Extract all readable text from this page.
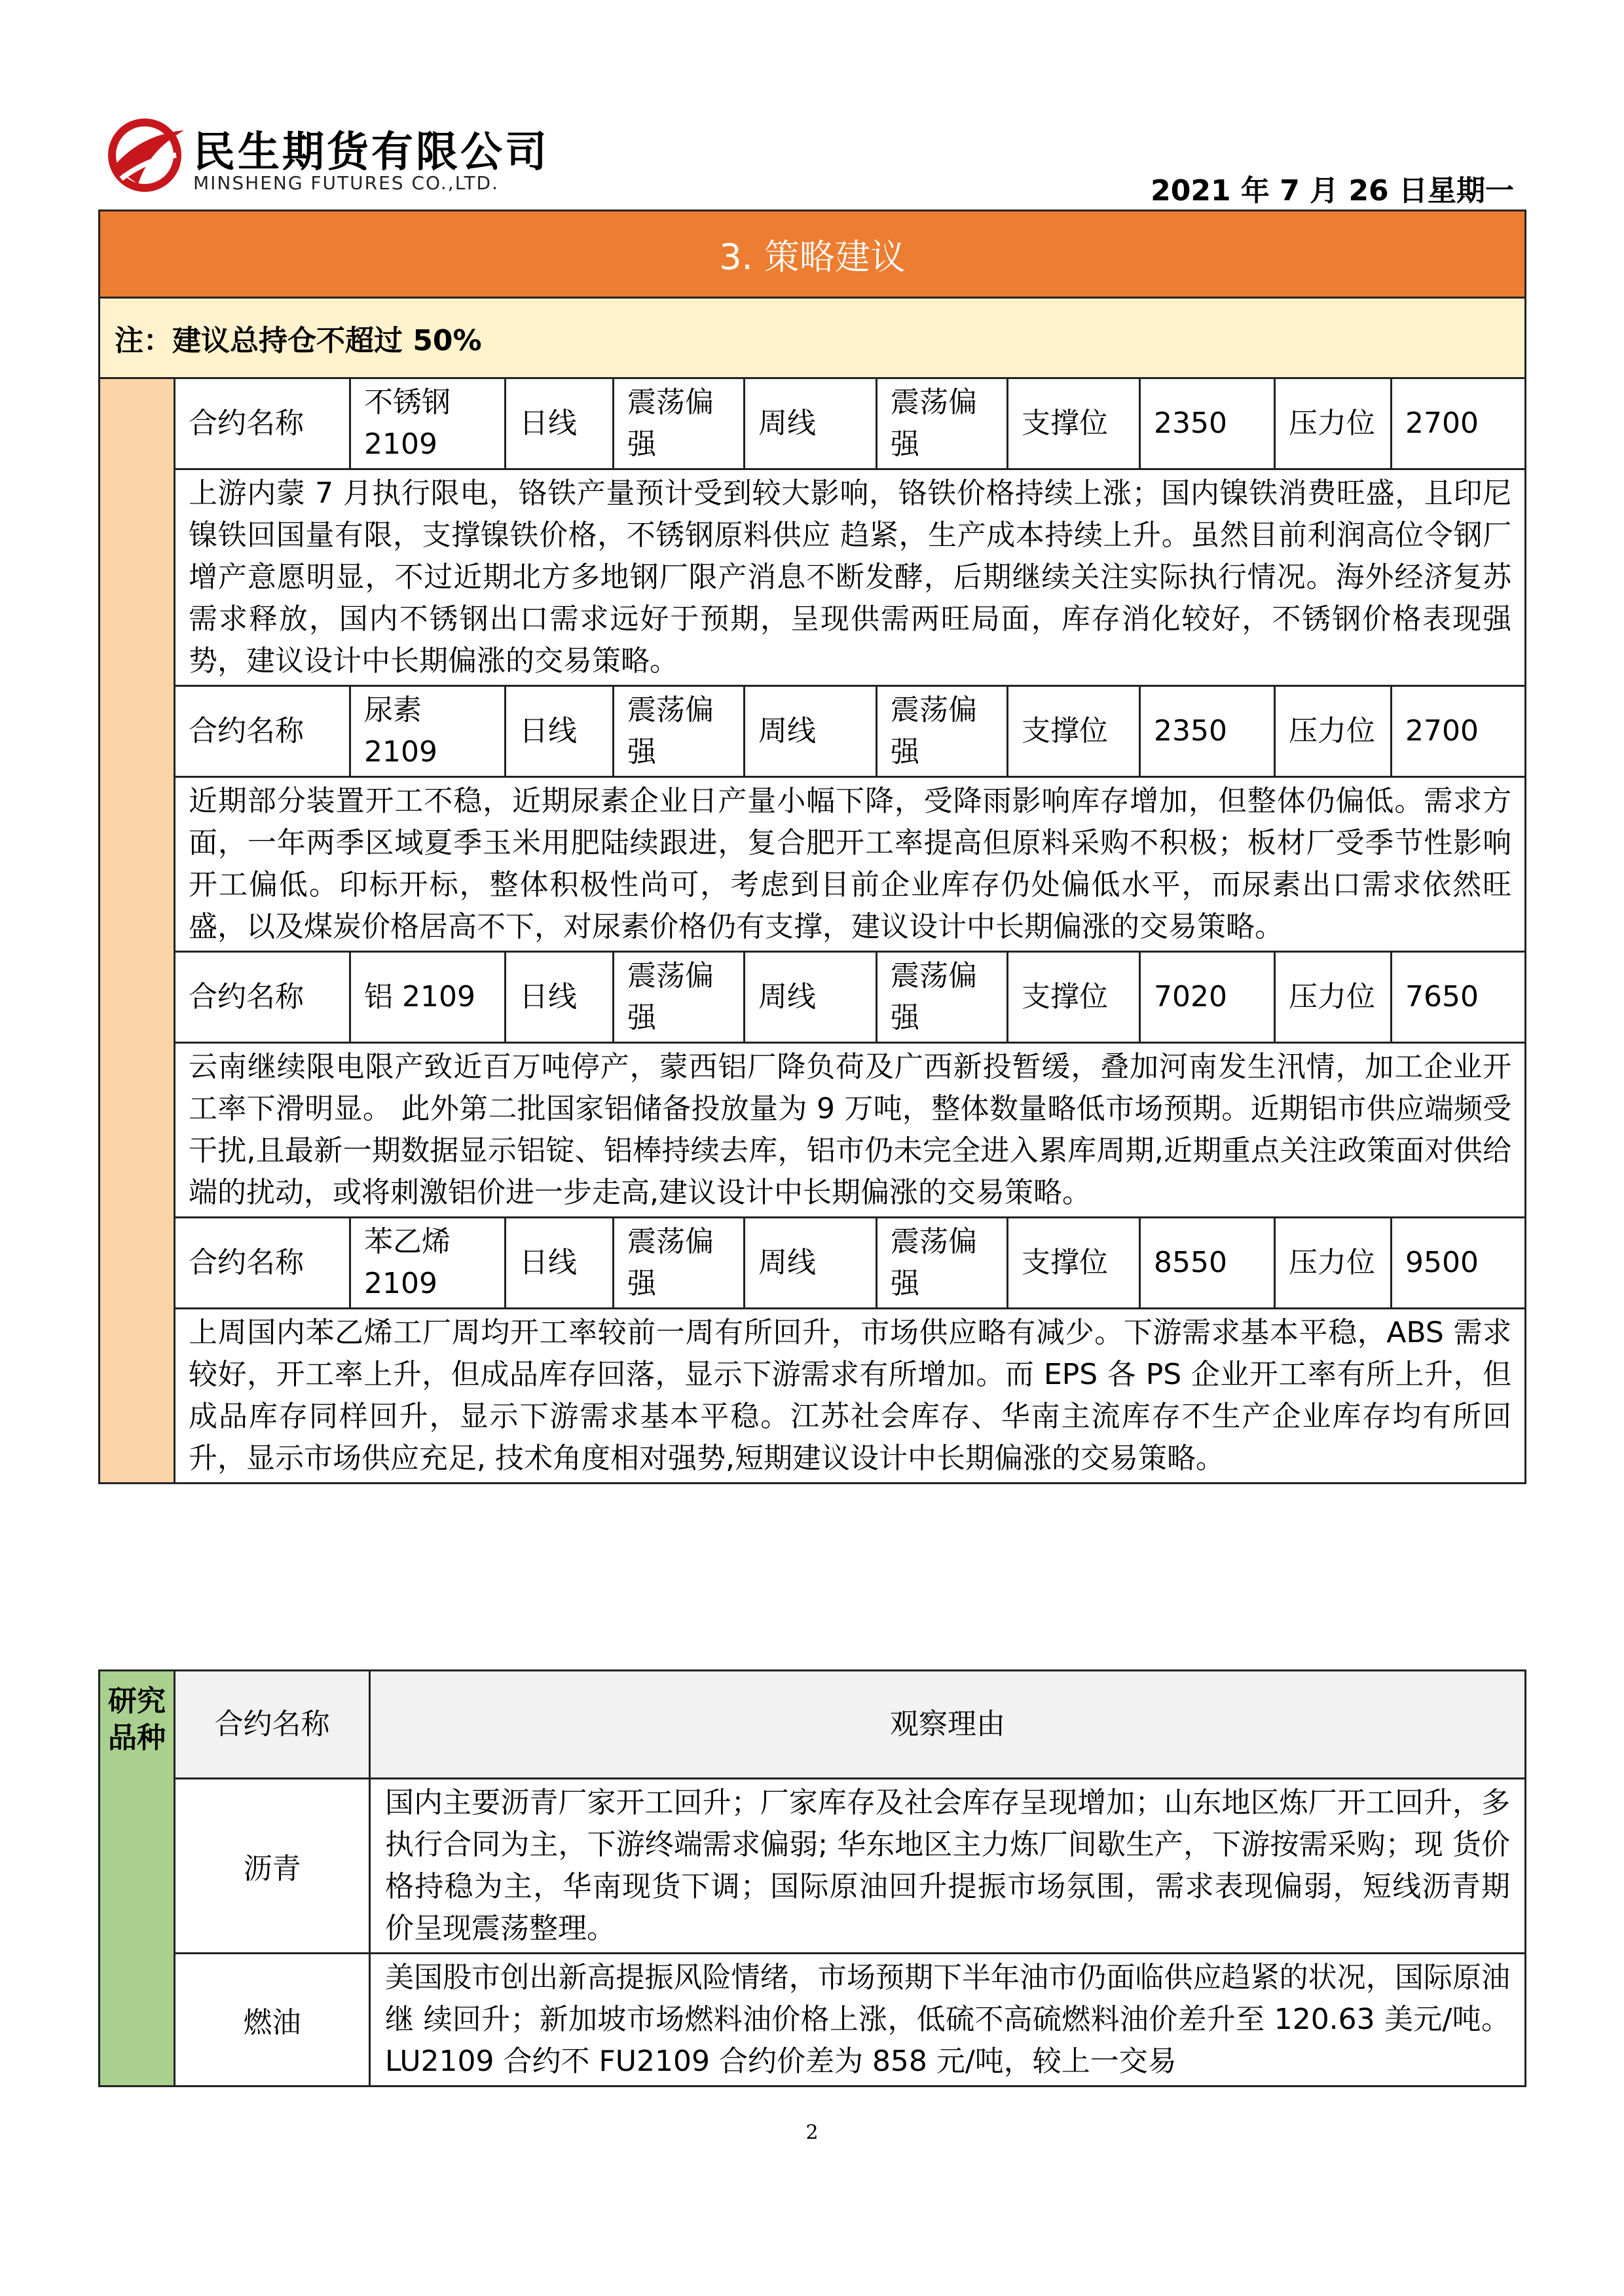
民生期货有限公司
MINSHENG FUTURES CO.,LTD.	2021 年 7 月 26 日星期一
3. 策略建议										
注：建议总持仓不超过 50%										
	合约名称	不锈钢 2109	日线	震荡偏强	周线	震荡偏强	支撑位	2350	压力位	2700
	上游内蒙 7 月执行限电，铬铁产量预计受到较大影响，铬铁价格持续上涨；国内镍铁消费旺盛，且印尼镍铁回国量有限，支撑镍铁价格，不锈钢原料供应 趋紧，生产成本持续上升。虽然目前利润高位令钢厂增产意愿明显，不过近期北方多地钢厂限产消息不断发酵，后期继续关注实际执行情况。海外经济复苏需求释放，国内不锈钢出口需求远好于预期，呈现供需两旺局面，库存消化较好，不锈钢价格表现强势，建议设计中长期偏涨的交易策略。									
	合约名称	尿素 2109	日线	震荡偏强	周线	震荡偏强	支撑位	2350	压力位	2700
	近期部分装置开工不稳，近期尿素企业日产量小幅下降，受降雨影响库存增加，但整体仍偏低。需求方面，一年两季区域夏季玉米用肥陆续跟进，复合肥开工率提高但原料采购不积极；板材厂受季节性影响开工偏低。印标开标，整体积极性尚可，考虑到目前企业库存仍处偏低水平，而尿素出口需求依然旺盛，以及煤炭价格居高不下，对尿素价格仍有支撑，建议设计中长期偏涨的交易策略。									
	合约名称	铝 2109	日线	震荡偏强	周线	震荡偏强	支撑位	7020	压力位	7650
	云南继续限电限产致近百万吨停产，蒙西铝厂降负荷及广西新投暂缓，叠加河南发生汛情，加工企业开工率下滑明显。 此外第二批国家铝储备投放量为 9 万吨，整体数量略低市场预期。近期铝市供应端频受干扰,且最新一期数据显示铝锭、铝棒持续去库，铝市仍未完全进入累库周期,近期重点关注政策面对供给端的扰动，或将刺激铝价进一步走高,建议设计中长期偏涨的交易策略。									
	合约名称	苯乙烯 2109	日线	震荡偏强	周线	震荡偏强	支撑位	8550	压力位	9500
	上周国内苯乙烯工厂周均开工率较前一周有所回升，市场供应略有减少。下游需求基本平稳，ABS 需求较好，开工率上升，但成品库存回落，显示下游需求有所增加。而 EPS 各 PS 企业开工率有所上升，但成品库存同样回升，显示下游需求基本平稳。江苏社会库存、华南主流库存不生产企业库存均有所回升，显示市场供应充足, 技术角度相对强势,短期建议设计中长期偏涨的交易策略。									
研究品种	合约名称	观察理由
	沥青	国内主要沥青厂家开工回升；厂家库存及社会库存呈现增加；山东地区炼厂开工回升，多执行合同为主，下游终端需求偏弱; 华东地区主力炼厂间歇生产，下游按需采购；现 货价格持稳为主，华南现货下调；国际原油回升提振市场氛围，需求表现偏弱，短线沥青期 价呈现震荡整理。
	燃油	美国股市创出新高提振风险情绪，市场预期下半年油市仍面临供应趋紧的状况，国际原油继 续回升；新加坡市场燃料油价格上涨，低硫不高硫燃料油价差升至 120.63 美元/吨。LU2109 合约不 FU2109 合约价差为 858 元/吨，较上一交易
2
